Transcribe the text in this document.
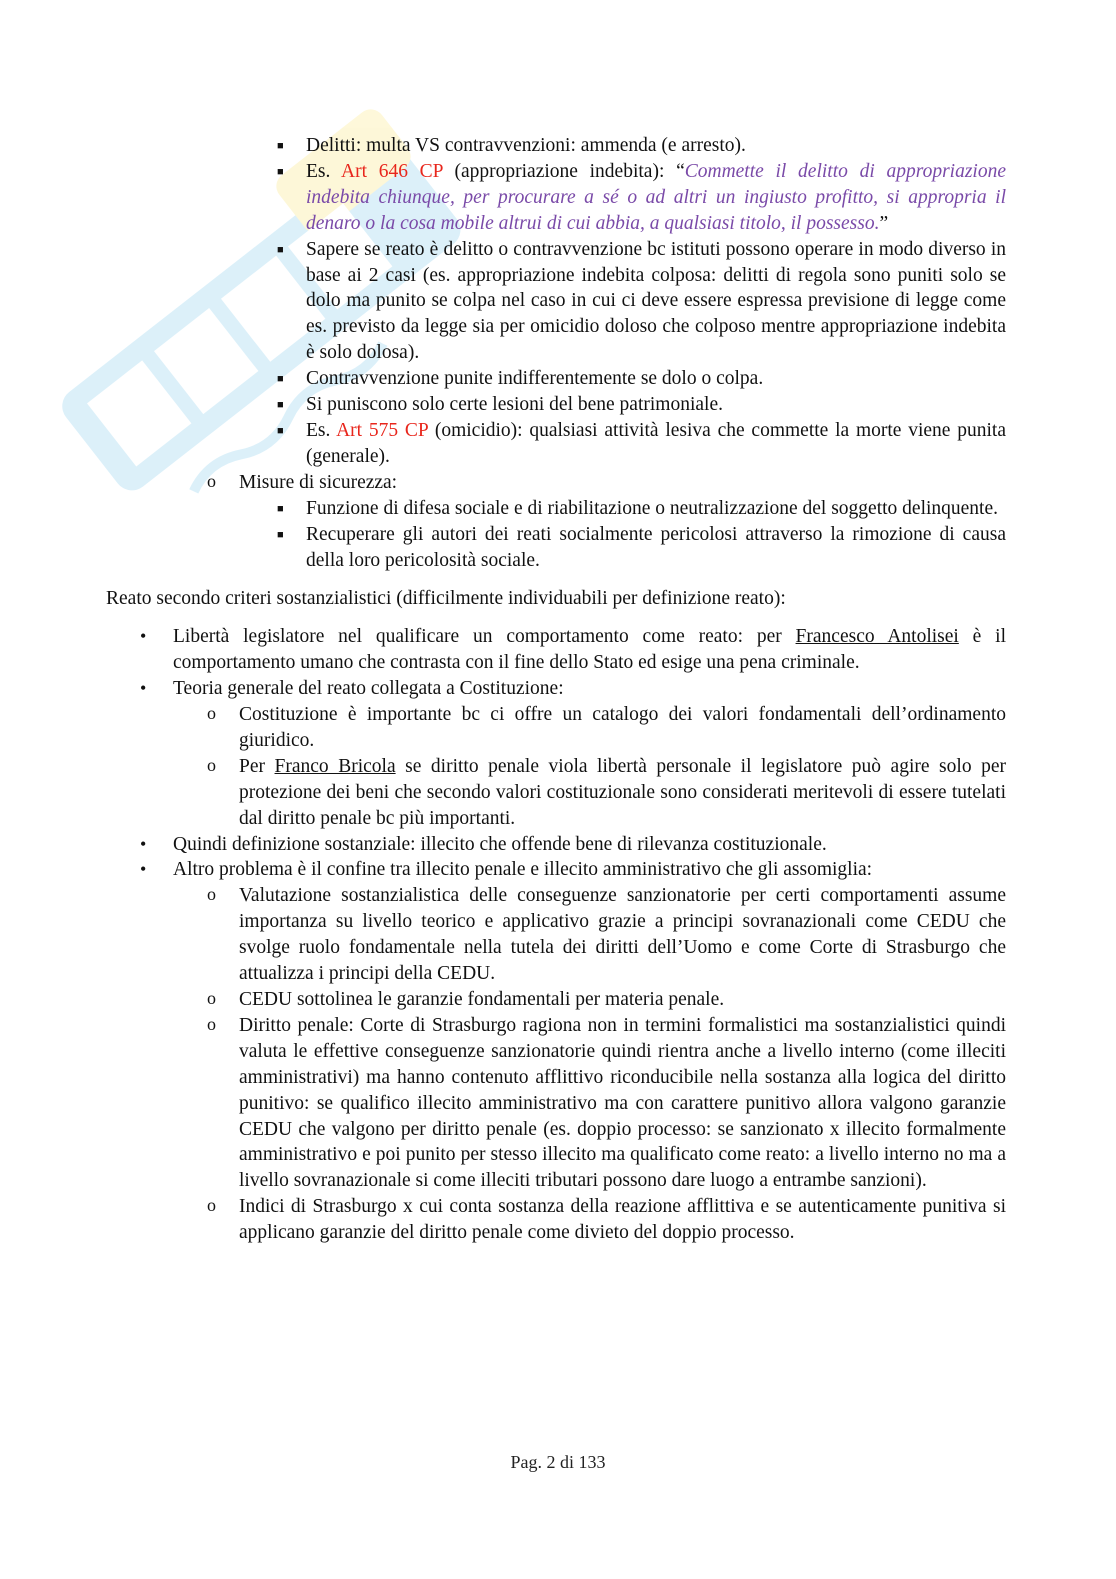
■ Delitti: multa VS contravvenzioni: ammenda (e arresto).
■ Es. Art 646 CP (appropriazione indebita): “Commette il delitto di appropriazione indebita chiunque, per procurare a sé o ad altri un ingiusto profitto, si appropria il denaro o la cosa mobile altrui di cui abbia, a qualsiasi titolo, il possesso.”
■ Sapere se reato è delitto o contravvenzione bc istituti possono operare in modo diverso in base ai 2 casi (es. appropriazione indebita colposa: delitti di regola sono puniti solo se dolo ma punito se colpa nel caso in cui ci deve essere espressa previsione di legge come es. previsto da legge sia per omicidio doloso che colposo mentre appropriazione indebita è solo dolosa).
■ Contravvenzione punite indifferentemente se dolo o colpa.
■ Si puniscono solo certe lesioni del bene patrimoniale.
■ Es. Art 575 CP (omicidio): qualsiasi attività lesiva che commette la morte viene punita (generale).
o Misure di sicurezza:
■ Funzione di difesa sociale e di riabilitazione o neutralizzazione del soggetto delinquente.
■ Recuperare gli autori dei reati socialmente pericolosi attraverso la rimozione di causa della loro pericolosità sociale.

Reato secondo criteri sostanzialistici (difficilmente individuabili per definizione reato):

• Libertà legislatore nel qualificare un comportamento come reato: per Francesco Antolisei è il comportamento umano che contrasta con il fine dello Stato ed esige una pena criminale.
• Teoria generale del reato collegata a Costituzione:
o Costituzione è importante bc ci offre un catalogo dei valori fondamentali dell’ordinamento giuridico.
o Per Franco Bricola se diritto penale viola libertà personale il legislatore può agire solo per protezione dei beni che secondo valori costituzionale sono considerati meritevoli di essere tutelati dal diritto penale bc più importanti.
• Quindi definizione sostanziale: illecito che offende bene di rilevanza costituzionale.
• Altro problema è il confine tra illecito penale e illecito amministrativo che gli assomiglia:
o Valutazione sostanzialistica delle conseguenze sanzionatorie per certi comportamenti assume importanza su livello teorico e applicativo grazie a principi sovranazionali come CEDU che svolge ruolo fondamentale nella tutela dei diritti dell’Uomo e come Corte di Strasburgo che attualizza i principi della CEDU.
o CEDU sottolinea le garanzie fondamentali per materia penale.
o Diritto penale: Corte di Strasburgo ragiona non in termini formalistici ma sostanzialistici quindi valuta le effettive conseguenze sanzionatorie quindi rientra anche a livello interno (come illeciti amministrativi) ma hanno contenuto afflittivo riconducibile nella sostanza alla logica del diritto punitivo: se qualifico illecito amministrativo ma con carattere punitivo allora valgono garanzie CEDU che valgono per diritto penale (es. doppio processo: se sanzionato x illecito formalmente amministrativo e poi punito per stesso illecito ma qualificato come reato: a livello interno no ma a livello sovranazionale si come illeciti tributari possono dare luogo a entrambe sanzioni).
o Indici di Strasburgo x cui conta sostanza della reazione afflittiva e se autenticamente punitiva si applicano garanzie del diritto penale come divieto del doppio processo.
Pag. 2 di 133
